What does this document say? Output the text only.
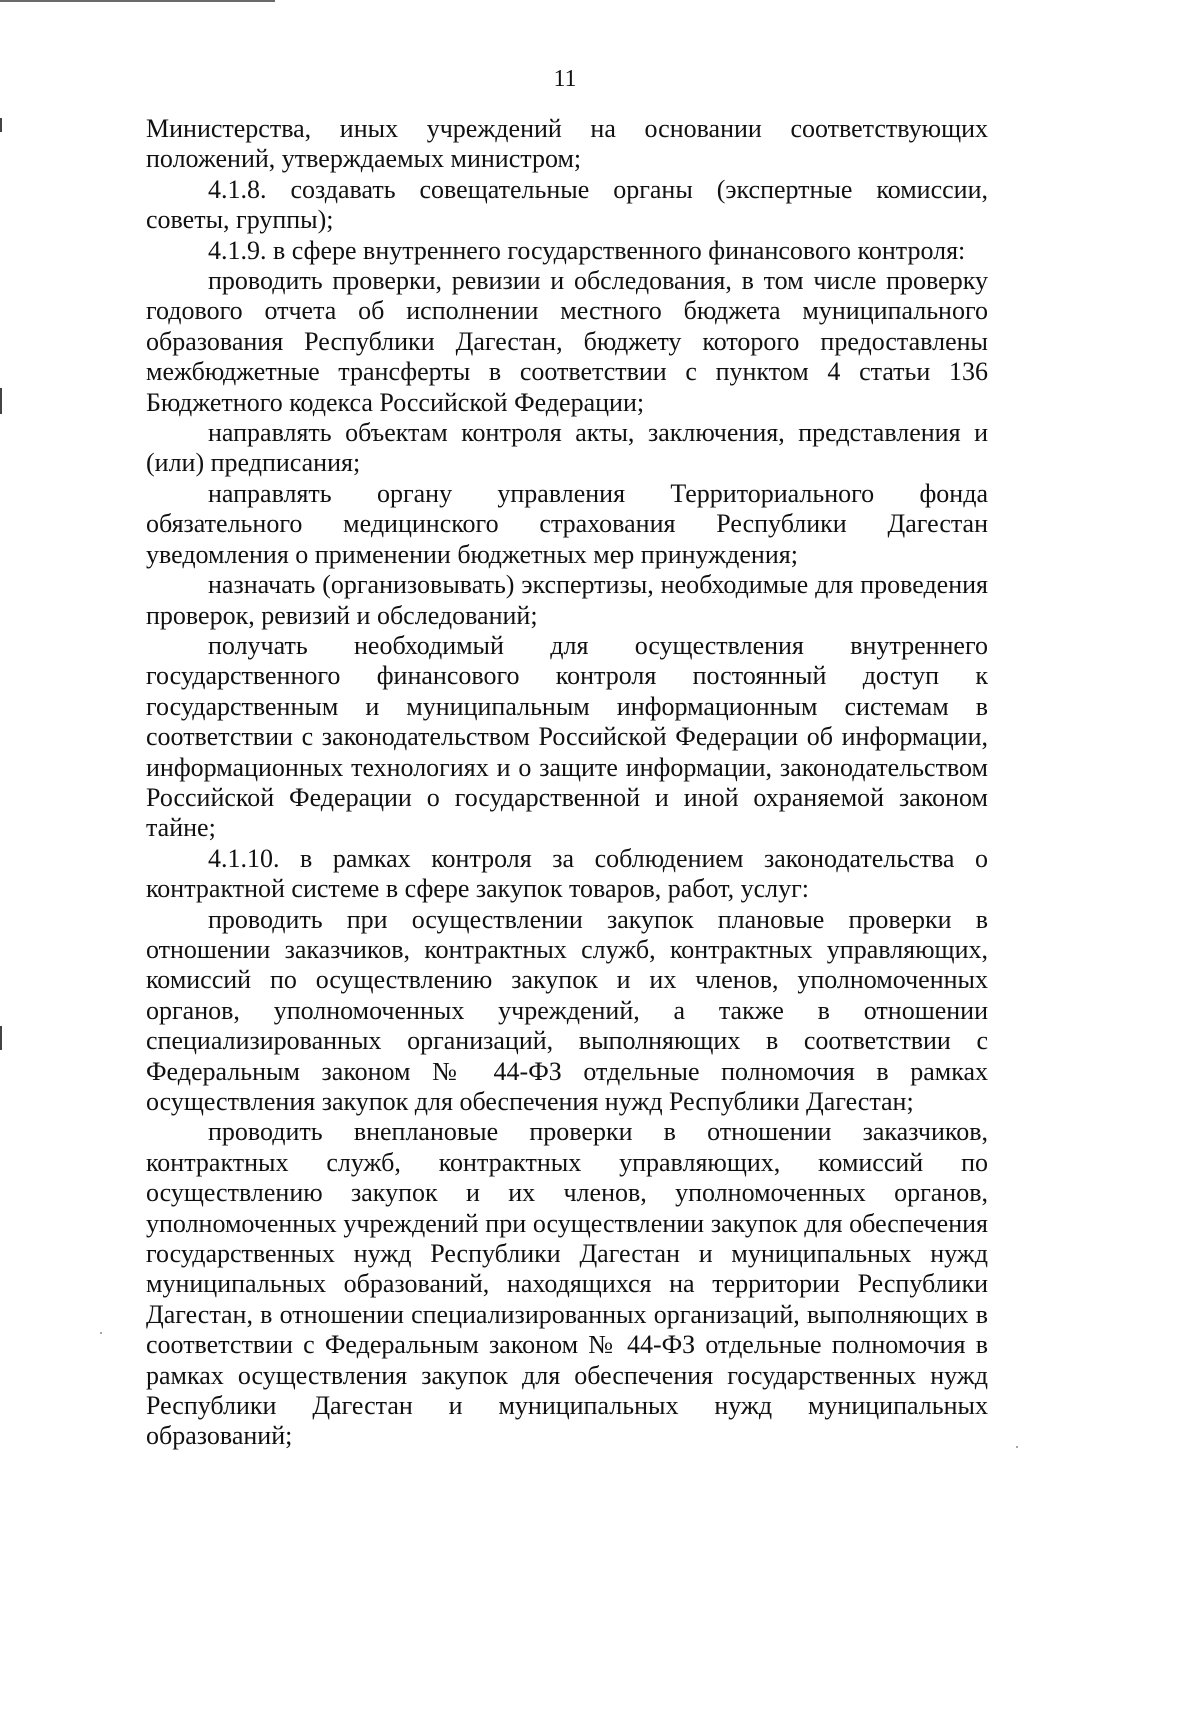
11

Министерства, иных учреждений на основании соответствующих положений, утверждаемых министром;

4.1.8. создавать совещательные органы (экспертные комиссии, советы, группы);

4.1.9. в сфере внутреннего государственного финансового контроля:

проводить проверки, ревизии и обследования, в том числе проверку годового отчета об исполнении местного бюджета муниципального образования Республики Дагестан, бюджету которого предоставлены межбюджетные трансферты в соответствии с пунктом 4 статьи 136 Бюджетного кодекса Российской Федерации;

направлять объектам контроля акты, заключения, представления и (или) предписания;

направлять органу управления Территориального фонда обязательного медицинского страхования Республики Дагестан уведомления о применении бюджетных мер принуждения;

назначать (организовывать) экспертизы, необходимые для проведения проверок, ревизий и обследований;

получать необходимый для осуществления внутреннего государственного финансового контроля постоянный доступ к государственным и муниципальным информационным системам в соответствии с законодательством Российской Федерации об информации, информационных технологиях и о защите информации, законодательством Российской Федерации о государственной и иной охраняемой законом тайне;

4.1.10. в рамках контроля за соблюдением законодательства о контрактной системе в сфере закупок товаров, работ, услуг:

проводить при осуществлении закупок плановые проверки в отношении заказчиков, контрактных служб, контрактных управляющих, комиссий по осуществлению закупок и их членов, уполномоченных органов, уполномоченных учреждений, а также в отношении специализированных организаций, выполняющих в соответствии с Федеральным законом № 44-ФЗ отдельные полномочия в рамках осуществления закупок для обеспечения нужд Республики Дагестан;

проводить внеплановые проверки в отношении заказчиков, контрактных служб, контрактных управляющих, комиссий по осуществлению закупок и их членов, уполномоченных органов, уполномоченных учреждений при осуществлении закупок для обеспечения государственных нужд Республики Дагестан и муниципальных нужд муниципальных образований, находящихся на территории Республики Дагестан, в отношении специализированных организаций, выполняющих в соответствии с Федеральным законом № 44-ФЗ отдельные полномочия в рамках осуществления закупок для обеспечения государственных нужд Республики Дагестан и муниципальных нужд муниципальных образований;
